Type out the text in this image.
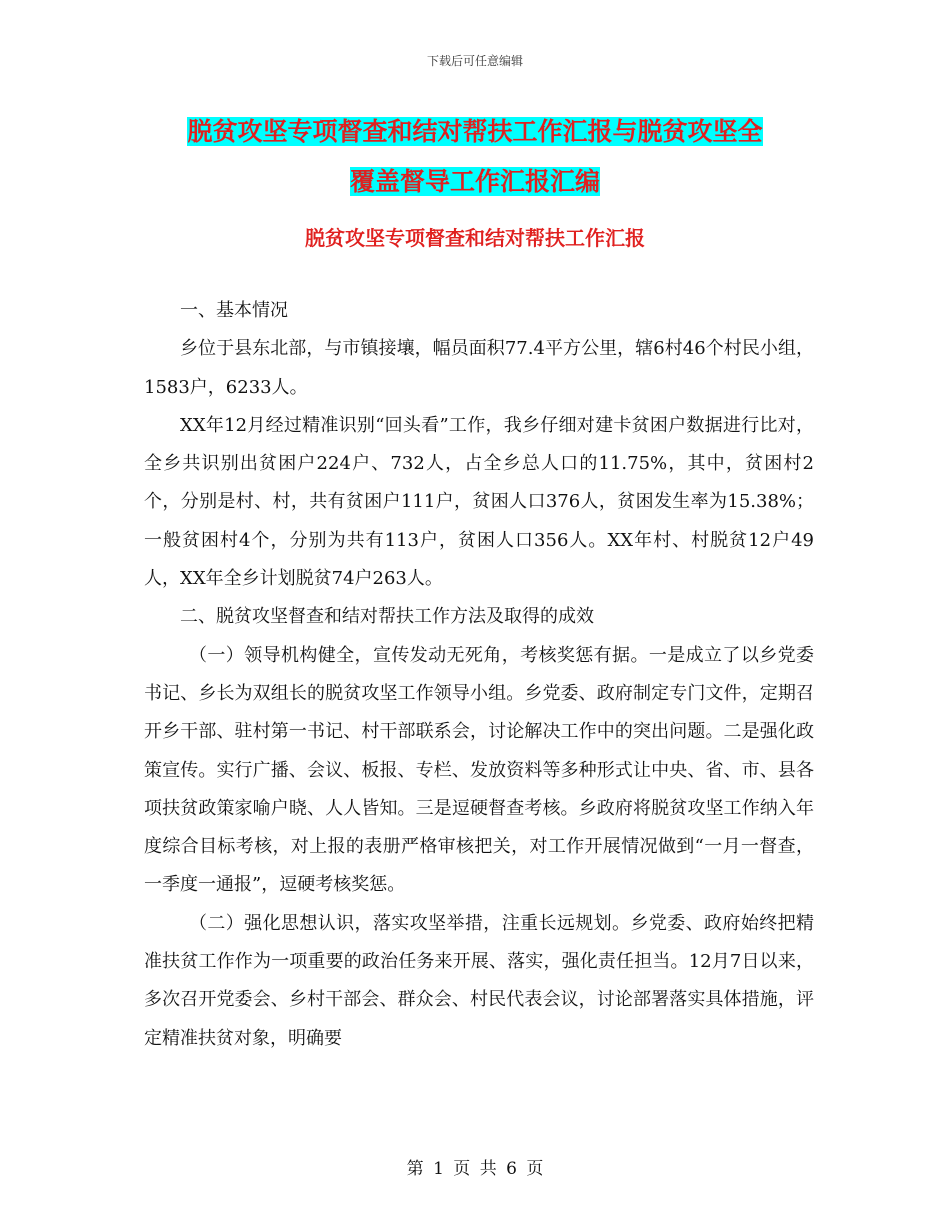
下载后可任意编辑
脱贫攻坚专项督查和结对帮扶工作汇报与脱贫攻坚全
覆盖督导工作汇报汇编
脱贫攻坚专项督查和结对帮扶工作汇报

一、基本情况

乡位于县东北部，与市镇接壤，幅员面积77.4平方公里，辖6村46个村民小组，1583户，6233人。

XX年12月经过精准识别“回头看”工作，我乡仔细对建卡贫困户数据进行比对，全乡共识别出贫困户224户、732人，占全乡总人口的11.75%，其中，贫困村2个，分别是村、村，共有贫困户111户，贫困人口376人，贫困发生率为15.38%；一般贫困村4个，分别为共有113户，贫困人口356人。XX年村、村脱贫12户49人，XX年全乡计划脱贫74户263人。

二、脱贫攻坚督查和结对帮扶工作方法及取得的成效

（一）领导机构健全，宣传发动无死角，考核奖惩有据。一是成立了以乡党委书记、乡长为双组长的脱贫攻坚工作领导小组。乡党委、政府制定专门文件，定期召开乡干部、驻村第一书记、村干部联系会，讨论解决工作中的突出问题。二是强化政策宣传。实行广播、会议、板报、专栏、发放资料等多种形式让中央、省、市、县各项扶贫政策家喻户晓、人人皆知。三是逗硬督查考核。乡政府将脱贫攻坚工作纳入年度综合目标考核，对上报的表册严格审核把关，对工作开展情况做到“一月一督查，一季度一通报”，逗硬考核奖惩。

（二）强化思想认识，落实攻坚举措，注重长远规划。乡党委、政府始终把精准扶贫工作作为一项重要的政治任务来开展、落实，强化责任担当。12月7日以来，多次召开党委会、乡村干部会、群众会、村民代表会议，讨论部署落实具体措施，评定精准扶贫对象，明确要

第 1 页 共 6 页
